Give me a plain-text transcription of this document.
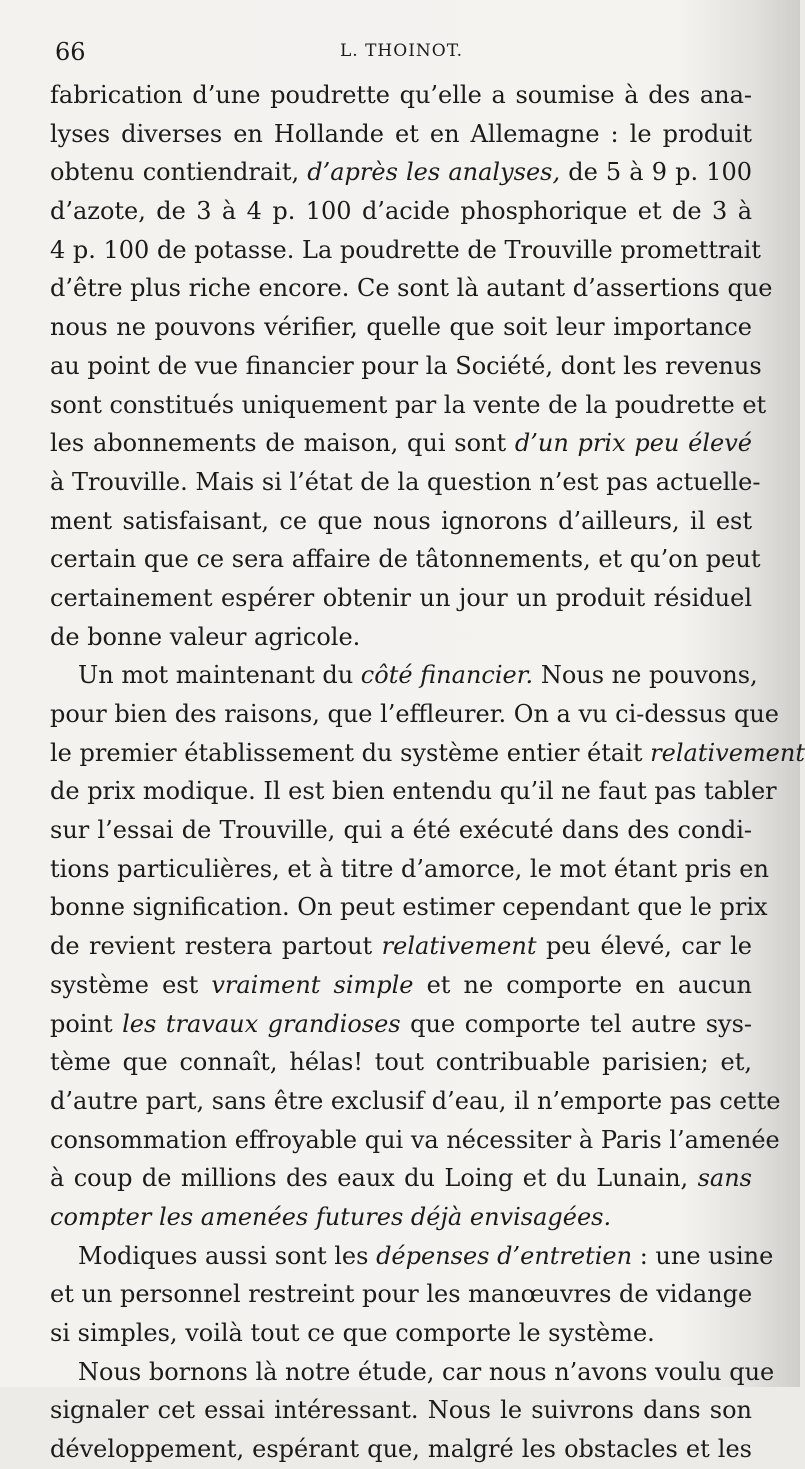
66	L. THOINOT.
fabrication d’une poudrette qu’elle a soumise à des ana-
lyses diverses en Hollande et en Allemagne : le produit
obtenu contiendrait, d’après les analyses, de 5 à 9 p. 100
d’azote, de 3 à 4 p. 100 d’acide phosphorique et de 3 à
4 p. 100 de potasse. La poudrette de Trouville promettrait
d’être plus riche encore. Ce sont là autant d’assertions que
nous ne pouvons vérifier, quelle que soit leur importance
au point de vue financier pour la Société, dont les revenus
sont constitués uniquement par la vente de la poudrette et
les abonnements de maison, qui sont d’un prix peu élevé
à Trouville. Mais si l’état de la question n’est pas actuelle-
ment satisfaisant, ce que nous ignorons d’ailleurs, il est
certain que ce sera affaire de tâtonnements, et qu’on peut
certainement espérer obtenir un jour un produit résiduel
de bonne valeur agricole.
Un mot maintenant du côté financier. Nous ne pouvons,
pour bien des raisons, que l’effleurer. On a vu ci-dessus que
le premier établissement du système entier était relativement
de prix modique. Il est bien entendu qu’il ne faut pas tabler
sur l’essai de Trouville, qui a été exécuté dans des condi-
tions particulières, et à titre d’amorce, le mot étant pris en
bonne signification. On peut estimer cependant que le prix
de revient restera partout relativement peu élevé, car le
système est vraiment simple et ne comporte en aucun
point les travaux grandioses que comporte tel autre sys-
tème que connaît, hélas! tout contribuable parisien; et,
d’autre part, sans être exclusif d’eau, il n’emporte pas cette
consommation effroyable qui va nécessiter à Paris l’amenée
à coup de millions des eaux du Loing et du Lunain, sans
compter les amenées futures déjà envisagées.
Modiques aussi sont les dépenses d’entretien : une usine
et un personnel restreint pour les manœuvres de vidange
si simples, voilà tout ce que comporte le système.
Nous bornons là notre étude, car nous n’avons voulu que
signaler cet essai intéressant. Nous le suivrons dans son
développement, espérant que, malgré les obstacles et les
